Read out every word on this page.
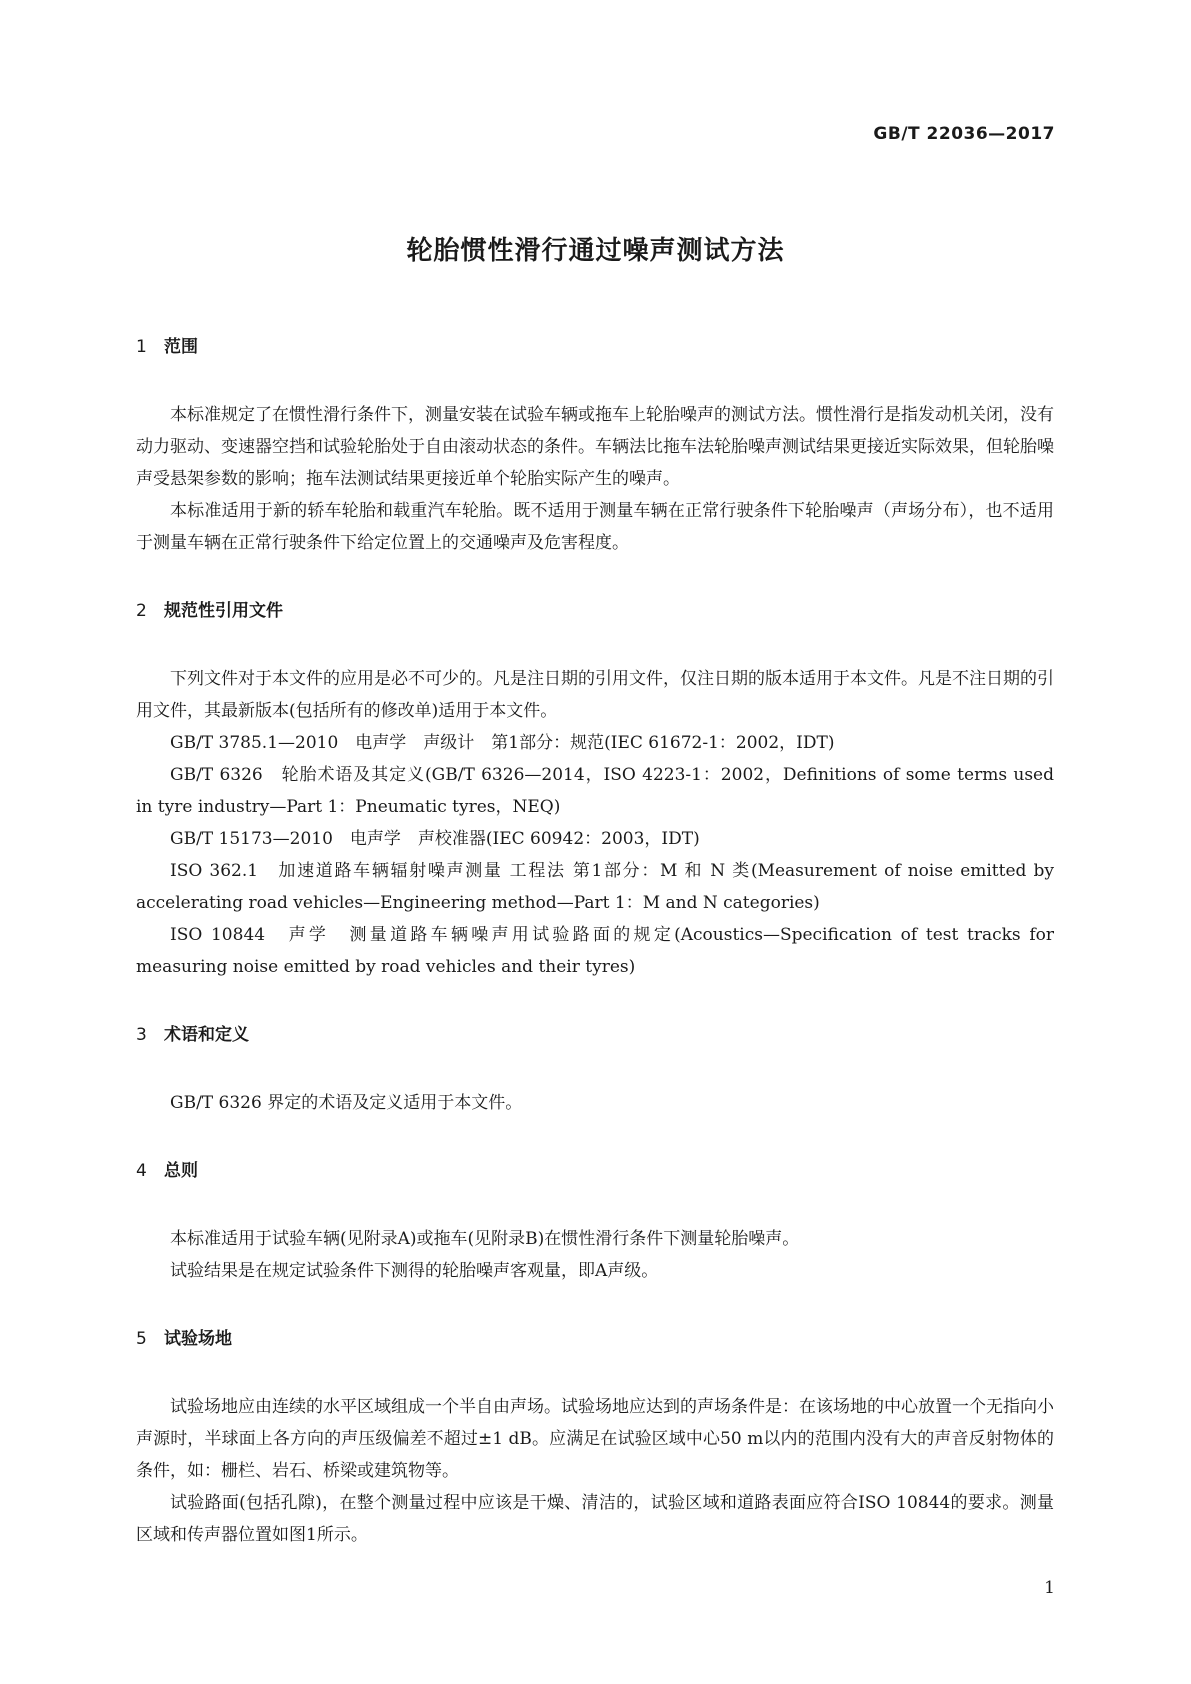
GB/T 22036—2017
轮胎惯性滑行通过噪声测试方法
1 范围

本标准规定了在惯性滑行条件下，测量安装在试验车辆或拖车上轮胎噪声的测试方法。惯性滑行是指发动机关闭，没有动力驱动、变速器空挡和试验轮胎处于自由滚动状态的条件。车辆法比拖车法轮胎噪声测试结果更接近实际效果，但轮胎噪声受悬架参数的影响；拖车法测试结果更接近单个轮胎实际产生的噪声。

本标准适用于新的轿车轮胎和载重汽车轮胎。既不适用于测量车辆在正常行驶条件下轮胎噪声（声场分布），也不适用于测量车辆在正常行驶条件下给定位置上的交通噪声及危害程度。

2 规范性引用文件

下列文件对于本文件的应用是必不可少的。凡是注日期的引用文件，仅注日期的版本适用于本文件。凡是不注日期的引用文件，其最新版本(包括所有的修改单)适用于本文件。

GB/T 3785.1—2010　电声学　声级计　第1部分：规范(IEC 61672-1：2002，IDT)

GB/T 6326　轮胎术语及其定义(GB/T 6326—2014，ISO 4223-1：2002，Definitions of some terms used in tyre industry—Part 1：Pneumatic tyres，NEQ)

GB/T 15173—2010　电声学　声校准器(IEC 60942：2003，IDT)

ISO 362.1　加速道路车辆辐射噪声测量 工程法 第1部分：M 和 N 类(Measurement of noise emitted by accelerating road vehicles—Engineering method—Part 1：M and N categories)

ISO 10844　声学　测量道路车辆噪声用试验路面的规定(Acoustics—Specification of test tracks for measuring noise emitted by road vehicles and their tyres)

3 术语和定义

GB/T 6326 界定的术语及定义适用于本文件。

4 总则

本标准适用于试验车辆(见附录A)或拖车(见附录B)在惯性滑行条件下测量轮胎噪声。

试验结果是在规定试验条件下测得的轮胎噪声客观量，即A声级。

5 试验场地

试验场地应由连续的水平区域组成一个半自由声场。试验场地应达到的声场条件是：在该场地的中心放置一个无指向小声源时，半球面上各方向的声压级偏差不超过±1 dB。应满足在试验区域中心50 m以内的范围内没有大的声音反射物体的条件，如：栅栏、岩石、桥梁或建筑物等。

试验路面(包括孔隙)，在整个测量过程中应该是干燥、清洁的，试验区域和道路表面应符合ISO 10844的要求。测量区域和传声器位置如图1所示。

1
